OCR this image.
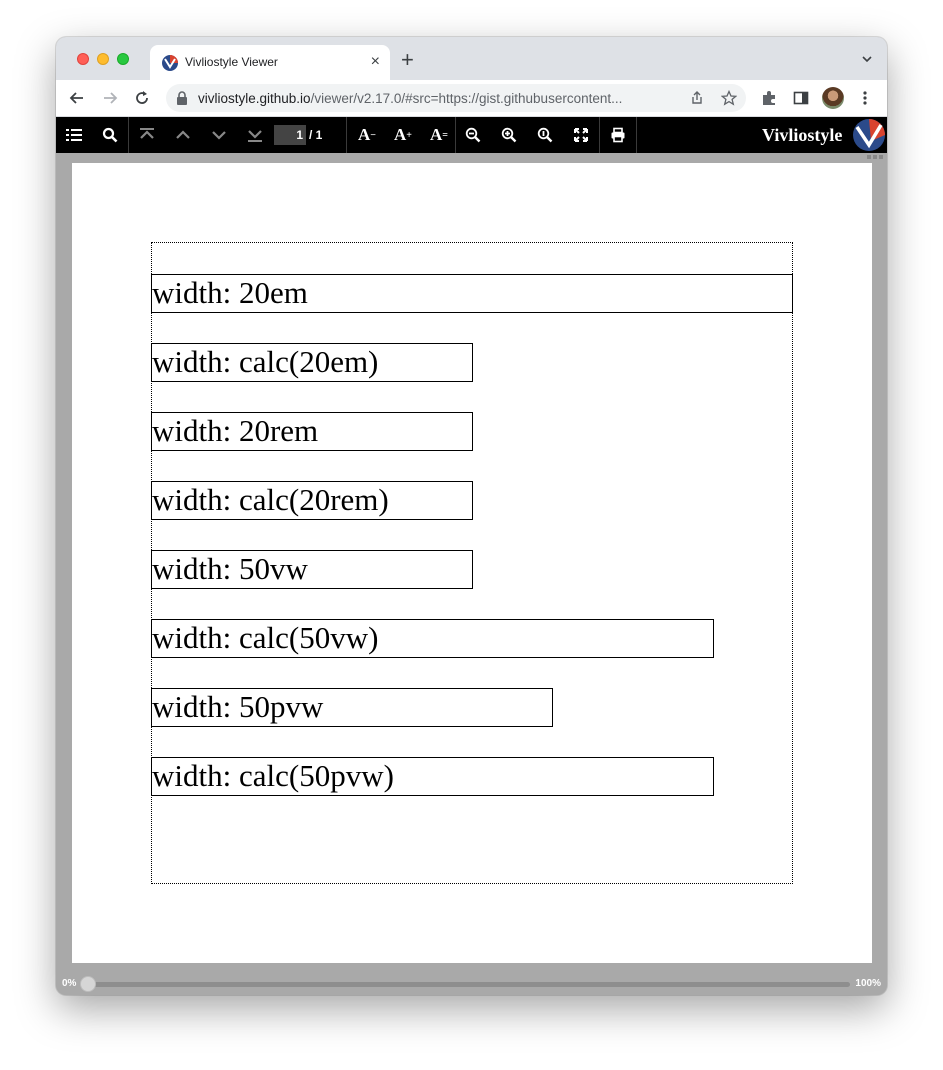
Vivliostyle Viewer	× +
vivliostyle.github.io/viewer/v2.17.0/#src=https://gist.githubusercontent...
1 / 1 A − A + A =	Vivliostyle
width: 20em
width: calc(20em)
width: 20rem
width: calc(20rem)
width: 50vw
width: calc(50vw)
width: 50pvw
width: calc(50pvw)
0%	100%
